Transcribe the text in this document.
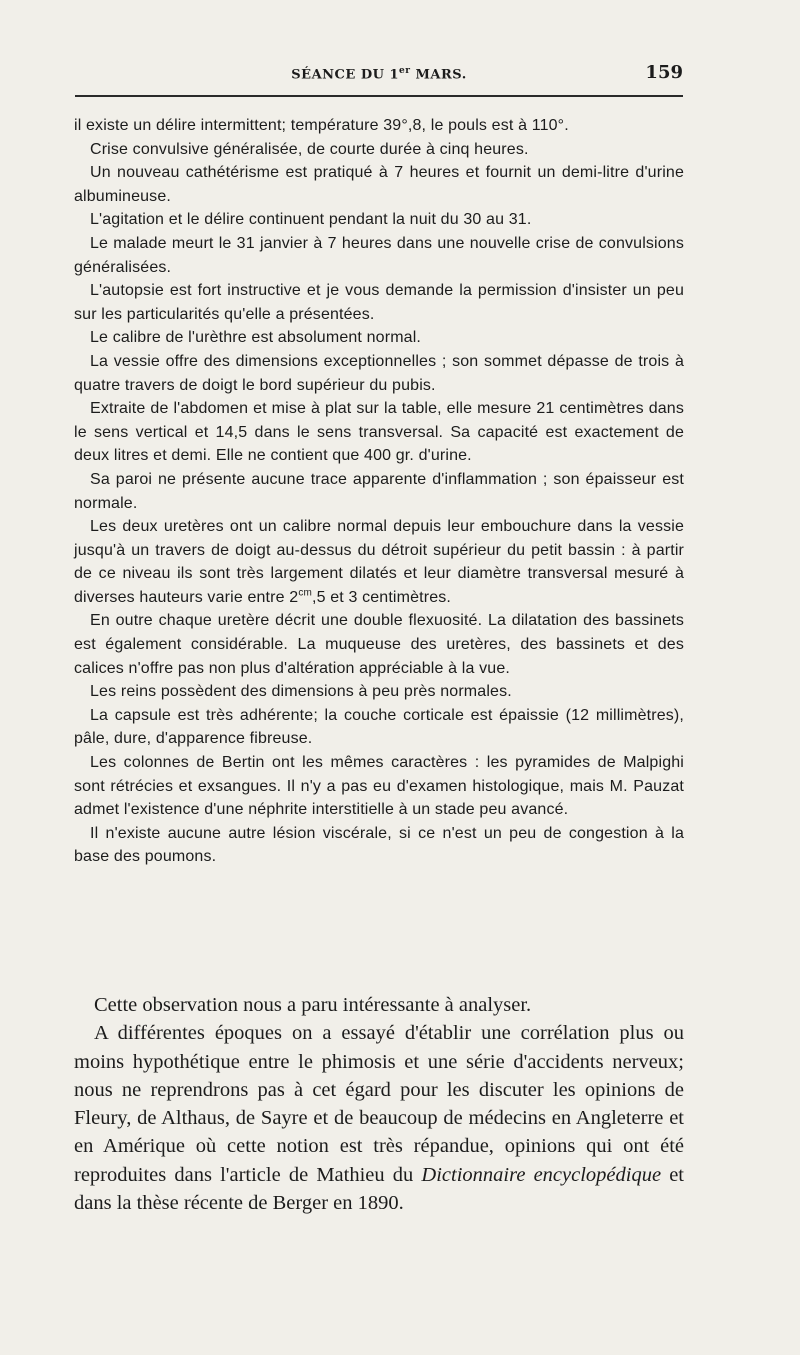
SÉANCE DU 1er MARS.	159

il existe un délire intermittent; température 39°,8, le pouls est à 110°.

Crise convulsive généralisée, de courte durée à cinq heures.

Un nouveau cathétérisme est pratiqué à 7 heures et fournit un demi-litre d'urine albumineuse.

L'agitation et le délire continuent pendant la nuit du 30 au 31.

Le malade meurt le 31 janvier à 7 heures dans une nouvelle crise de convulsions généralisées.

L'autopsie est fort instructive et je vous demande la permission d'insister un peu sur les particularités qu'elle a présentées.

Le calibre de l'urèthre est absolument normal.

La vessie offre des dimensions exceptionnelles ; son sommet dépasse de trois à quatre travers de doigt le bord supérieur du pubis.

Extraite de l'abdomen et mise à plat sur la table, elle mesure 21 centimètres dans le sens vertical et 14,5 dans le sens transversal. Sa capacité est exactement de deux litres et demi. Elle ne contient que 400 gr. d'urine.

Sa paroi ne présente aucune trace apparente d'inflammation ; son épaisseur est normale.

Les deux uretères ont un calibre normal depuis leur embouchure dans la vessie jusqu'à un travers de doigt au-dessus du détroit supérieur du petit bassin : à partir de ce niveau ils sont très largement dilatés et leur diamètre transversal mesuré à diverses hauteurs varie entre $2^{cm},5$ et 3 centimètres.

En outre chaque uretère décrit une double flexuosité. La dilatation des bassinets est également considérable. La muqueuse des uretères, des bassinets et des calices n'offre pas non plus d'altération appréciable à la vue.

Les reins possèdent des dimensions à peu près normales.

La capsule est très adhérente; la couche corticale est épaissie (12 millimètres), pâle, dure, d'apparence fibreuse.

Les colonnes de Bertin ont les mêmes caractères : les pyramides de Malpighi sont rétrécies et exsangues. Il n'y a pas eu d'examen histologique, mais M. Pauzat admet l'existence d'une néphrite interstitielle à un stade peu avancé.

Il n'existe aucune autre lésion viscérale, si ce n'est un peu de congestion à la base des poumons.

Cette observation nous a paru intéressante à analyser.

A différentes époques on a essayé d'établir une corrélation plus ou moins hypothétique entre le phimosis et une série d'accidents nerveux; nous ne reprendrons pas à cet égard pour les discuter les opinions de Fleury, de Althaus, de Sayre et de beaucoup de médecins en Angleterre et en Amérique où cette notion est très répandue, opinions qui ont été reproduites dans l'article de Mathieu du Dictionnaire encyclopédique et dans la thèse récente de Berger en 1890.
